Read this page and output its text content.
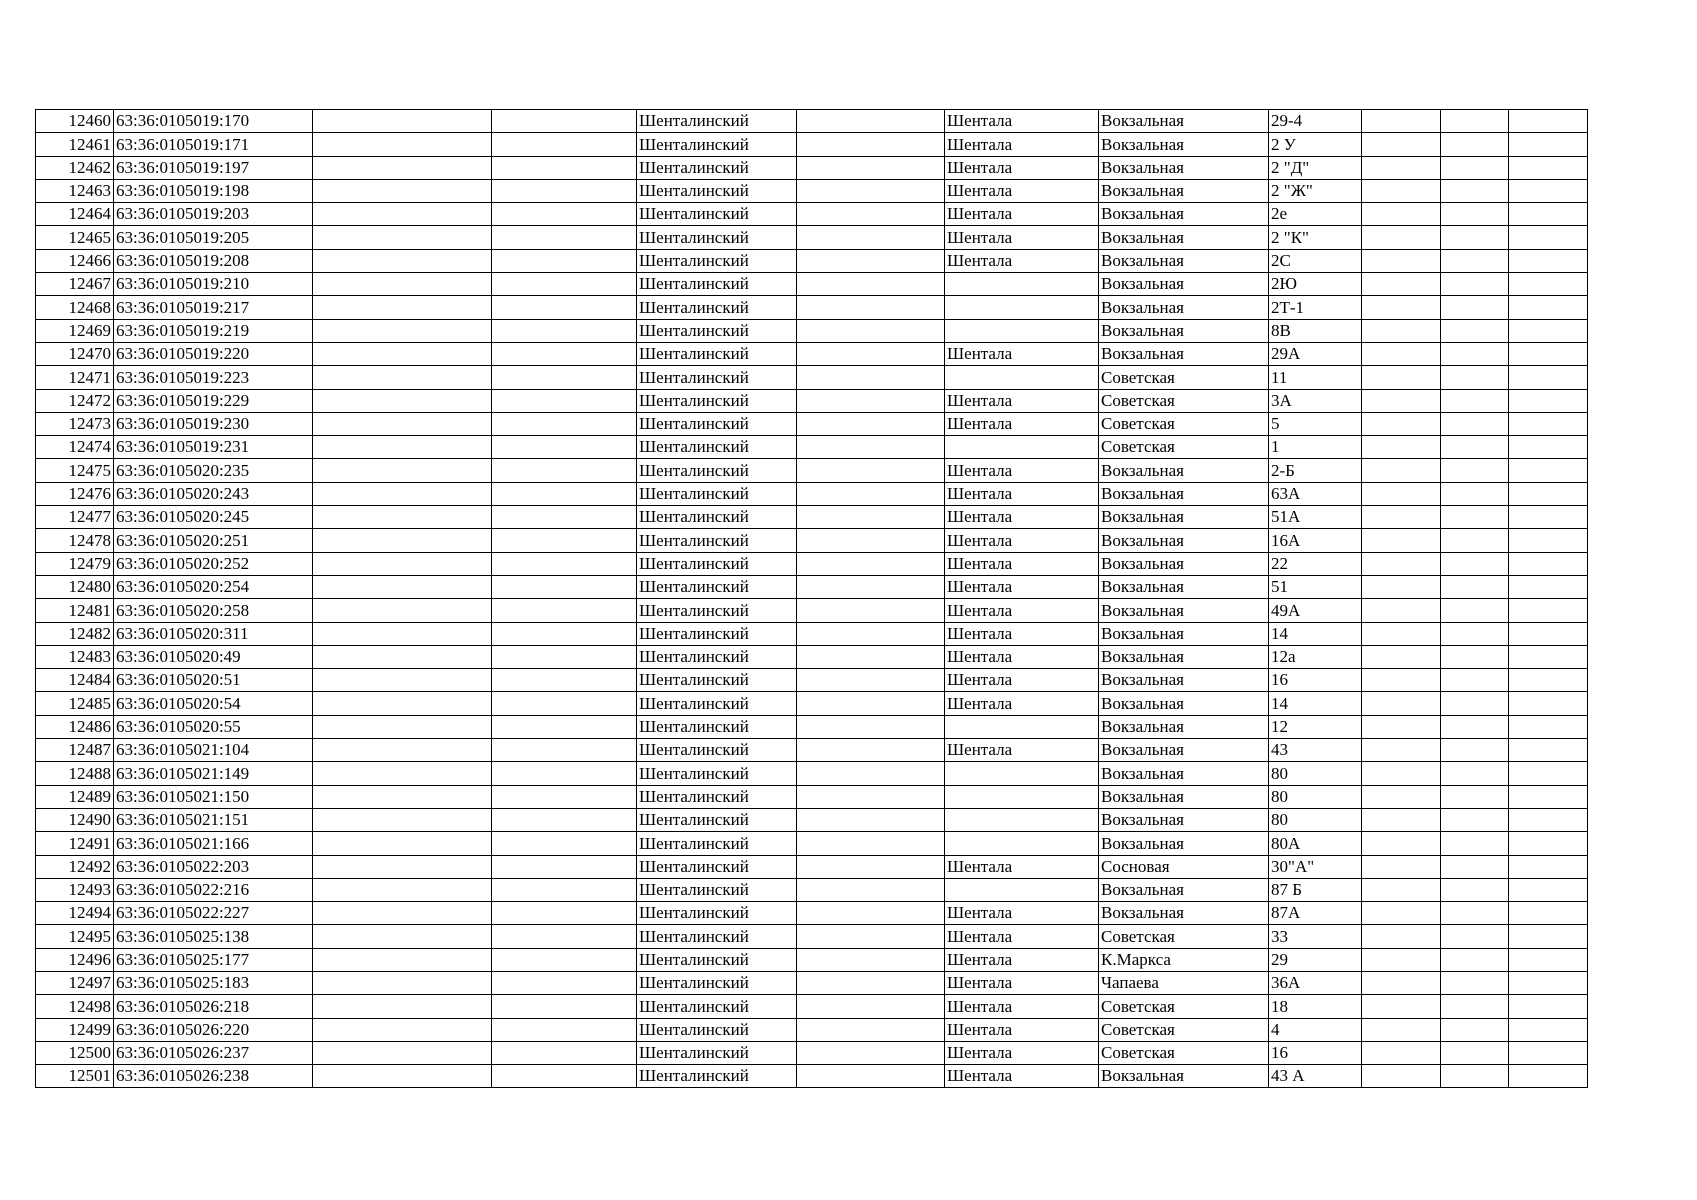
12460	63:36:0105019:170			Шенталинский		Шентала	Вокзальная	29-4			
12461	63:36:0105019:171			Шенталинский		Шентала	Вокзальная	2 У			
12462	63:36:0105019:197			Шенталинский		Шентала	Вокзальная	2 "Д"			
12463	63:36:0105019:198			Шенталинский		Шентала	Вокзальная	2 "Ж"			
12464	63:36:0105019:203			Шенталинский		Шентала	Вокзальная	2е			
12465	63:36:0105019:205			Шенталинский		Шентала	Вокзальная	2 "К"			
12466	63:36:0105019:208			Шенталинский		Шентала	Вокзальная	2С			
12467	63:36:0105019:210			Шенталинский			Вокзальная	2Ю			
12468	63:36:0105019:217			Шенталинский			Вокзальная	2Т-1			
12469	63:36:0105019:219			Шенталинский			Вокзальная	8В			
12470	63:36:0105019:220			Шенталинский		Шентала	Вокзальная	29А			
12471	63:36:0105019:223			Шенталинский			Советская	11			
12472	63:36:0105019:229			Шенталинский		Шентала	Советская	3А			
12473	63:36:0105019:230			Шенталинский		Шентала	Советская	5			
12474	63:36:0105019:231			Шенталинский			Советская	1			
12475	63:36:0105020:235			Шенталинский		Шентала	Вокзальная	2-Б			
12476	63:36:0105020:243			Шенталинский		Шентала	Вокзальная	63А			
12477	63:36:0105020:245			Шенталинский		Шентала	Вокзальная	51А			
12478	63:36:0105020:251			Шенталинский		Шентала	Вокзальная	16А			
12479	63:36:0105020:252			Шенталинский		Шентала	Вокзальная	22			
12480	63:36:0105020:254			Шенталинский		Шентала	Вокзальная	51			
12481	63:36:0105020:258			Шенталинский		Шентала	Вокзальная	49А			
12482	63:36:0105020:311			Шенталинский		Шентала	Вокзальная	14			
12483	63:36:0105020:49			Шенталинский		Шентала	Вокзальная	12а			
12484	63:36:0105020:51			Шенталинский		Шентала	Вокзальная	16			
12485	63:36:0105020:54			Шенталинский		Шентала	Вокзальная	14			
12486	63:36:0105020:55			Шенталинский			Вокзальная	12			
12487	63:36:0105021:104			Шенталинский		Шентала	Вокзальная	43			
12488	63:36:0105021:149			Шенталинский			Вокзальная	80			
12489	63:36:0105021:150			Шенталинский			Вокзальная	80			
12490	63:36:0105021:151			Шенталинский			Вокзальная	80			
12491	63:36:0105021:166			Шенталинский			Вокзальная	80А			
12492	63:36:0105022:203			Шенталинский		Шентала	Сосновая	30"А"			
12493	63:36:0105022:216			Шенталинский			Вокзальная	87 Б			
12494	63:36:0105022:227			Шенталинский		Шентала	Вокзальная	87А			
12495	63:36:0105025:138			Шенталинский		Шентала	Советская	33			
12496	63:36:0105025:177			Шенталинский		Шентала	К.Маркса	29			
12497	63:36:0105025:183			Шенталинский		Шентала	Чапаева	36А			
12498	63:36:0105026:218			Шенталинский		Шентала	Советская	18			
12499	63:36:0105026:220			Шенталинский		Шентала	Советская	4			
12500	63:36:0105026:237			Шенталинский		Шентала	Советская	16			
12501	63:36:0105026:238			Шенталинский		Шентала	Вокзальная	43 А			
